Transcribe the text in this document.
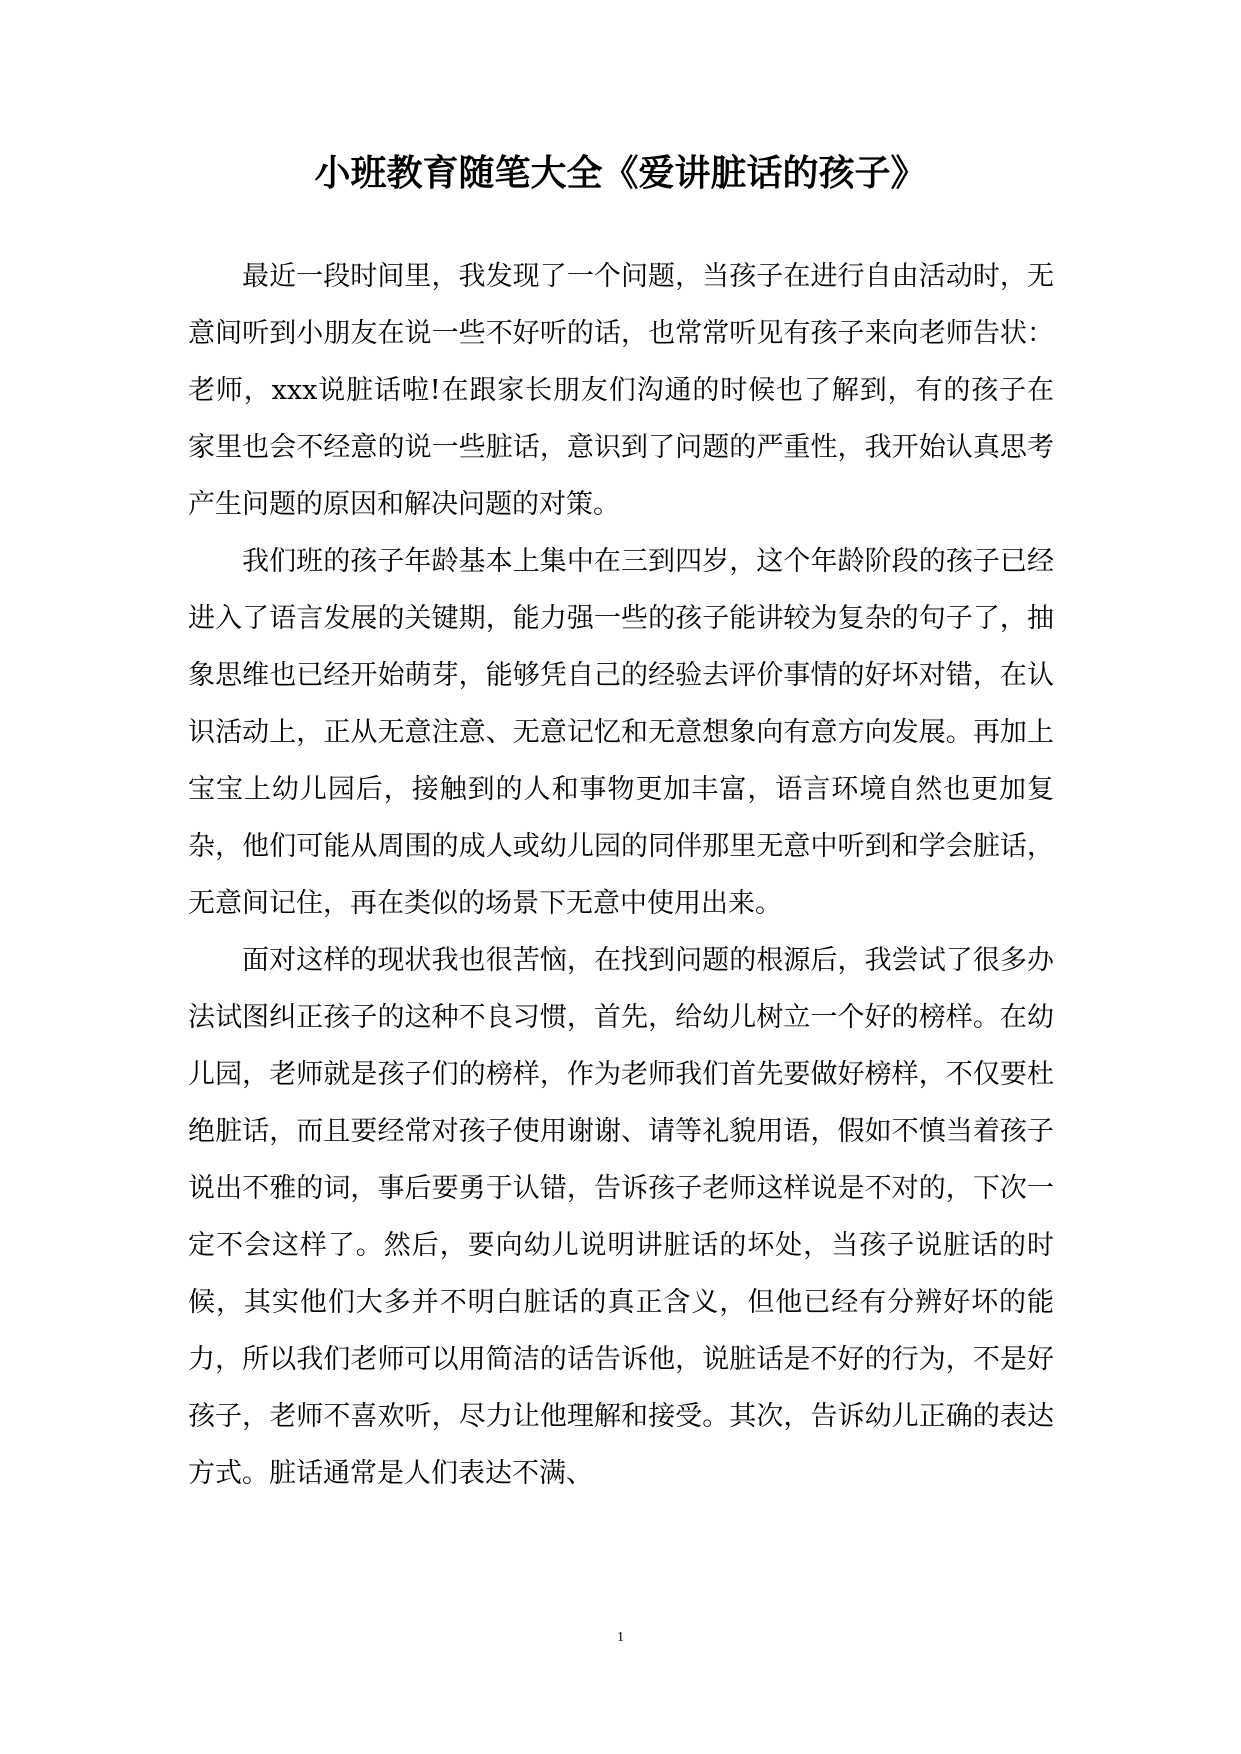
小班教育随笔大全《爱讲脏话的孩子》

最近一段时间里，我发现了一个问题，当孩子在进行自由活动时，无意间听到小朋友在说一些不好听的话，也常常听见有孩子来向老师告状：老师，xxx说脏话啦!在跟家长朋友们沟通的时候也了解到，有的孩子在家里也会不经意的说一些脏话，意识到了问题的严重性，我开始认真思考产生问题的原因和解决问题的对策。

我们班的孩子年龄基本上集中在三到四岁，这个年龄阶段的孩子已经进入了语言发展的关键期，能力强一些的孩子能讲较为复杂的句子了，抽象思维也已经开始萌芽，能够凭自己的经验去评价事情的好坏对错，在认识活动上，正从无意注意、无意记忆和无意想象向有意方向发展。再加上宝宝上幼儿园后，接触到的人和事物更加丰富，语言环境自然也更加复杂，他们可能从周围的成人或幼儿园的同伴那里无意中听到和学会脏话，无意间记住，再在类似的场景下无意中使用出来。

面对这样的现状我也很苦恼，在找到问题的根源后，我尝试了很多办法试图纠正孩子的这种不良习惯，首先，给幼儿树立一个好的榜样。在幼儿园，老师就是孩子们的榜样，作为老师我们首先要做好榜样，不仅要杜绝脏话，而且要经常对孩子使用谢谢、请等礼貌用语，假如不慎当着孩子说出不雅的词，事后要勇于认错，告诉孩子老师这样说是不对的，下次一定不会这样了。然后，要向幼儿说明讲脏话的坏处，当孩子说脏话的时候，其实他们大多并不明白脏话的真正含义，但他已经有分辨好坏的能力，所以我们老师可以用简洁的话告诉他，说脏话是不好的行为，不是好孩子，老师不喜欢听，尽力让他理解和接受。其次，告诉幼儿正确的表达方式。脏话通常是人们表达不满、

1
